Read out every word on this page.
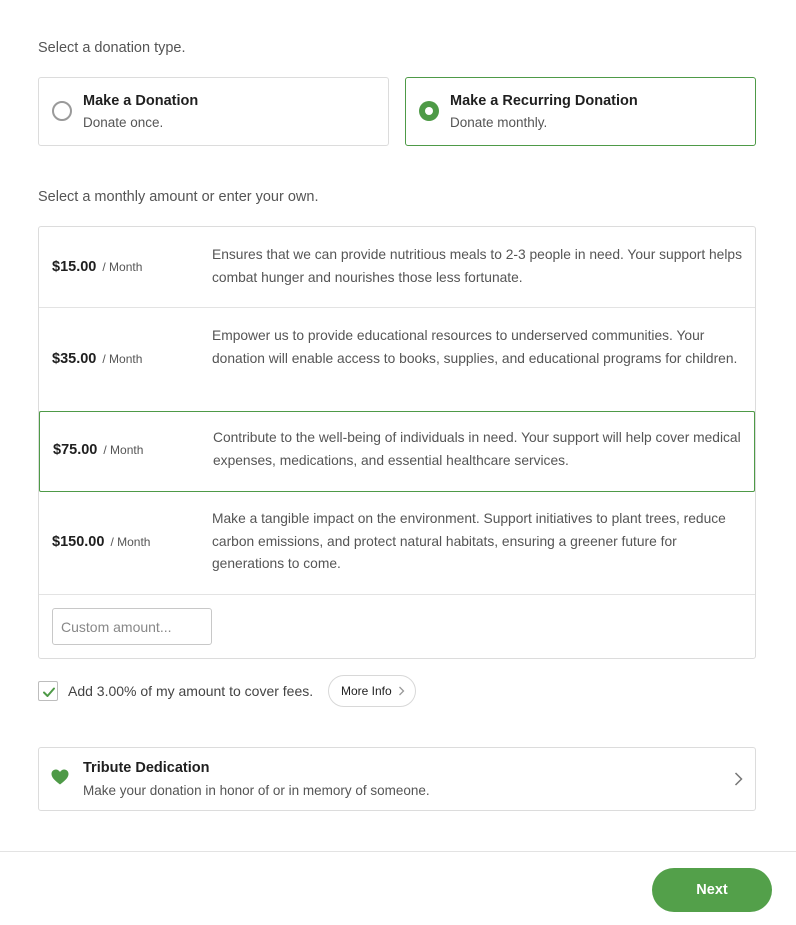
Select a donation type.
Make a Donation
Donate once.
Make a Recurring Donation
Donate monthly.
Select a monthly amount or enter your own.
$15.00 / Month
Ensures that we can provide nutritious meals to 2-3 people in need. Your support helps combat hunger and nourishes those less fortunate.
$35.00 / Month
Empower us to provide educational resources to underserved communities. Your donation will enable access to books, supplies, and educational programs for children.
$75.00 / Month
Contribute to the well-being of individuals in need. Your support will help cover medical expenses, medications, and essential healthcare services.
$150.00 / Month
Make a tangible impact on the environment. Support initiatives to plant trees, reduce carbon emissions, and protect natural habitats, ensuring a greener future for generations to come.
Custom amount...
Add 3.00% of my amount to cover fees.	More Info
Tribute Dedication
Make your donation in honor of or in memory of someone.
Next
